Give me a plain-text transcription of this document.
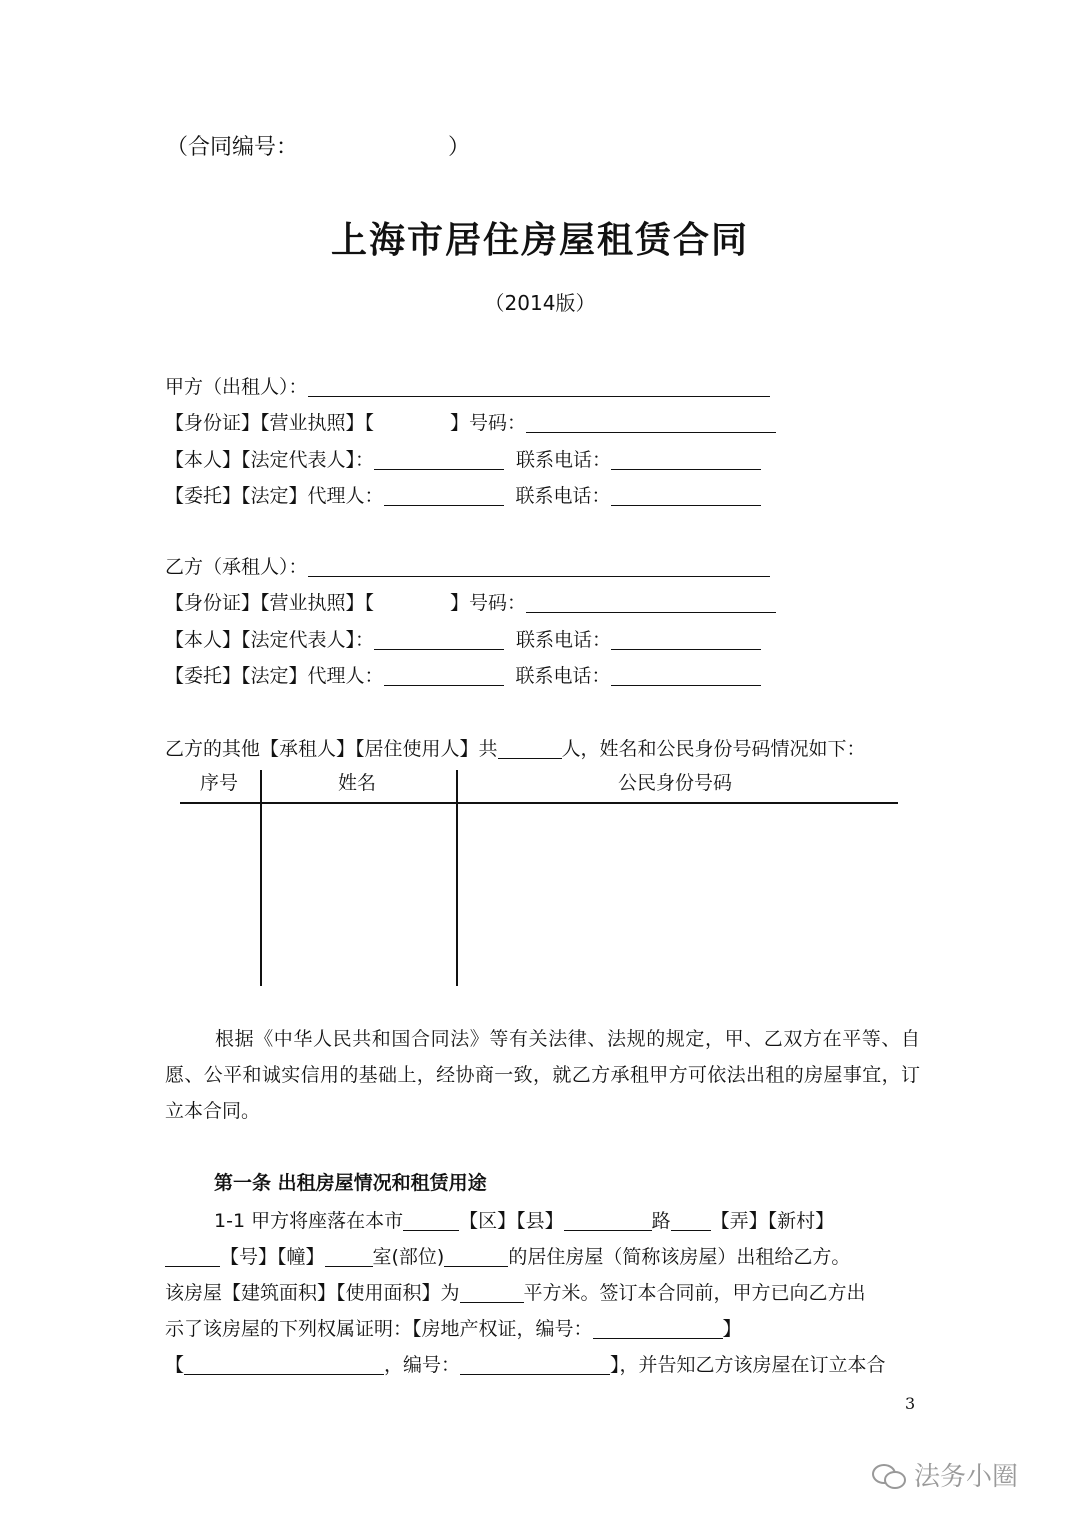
（合同编号：	）
上海市居住房屋租赁合同
（2014版）
甲方（出租人）：
【身份证】【营业执照】【	】号码：
【本人】【法定代表人】：	联系电话：
【委托】【法定】代理人：	联系电话：
乙方（承租人）：
【身份证】【营业执照】【	】号码：
【本人】【法定代表人】：	联系电话：
【委托】【法定】代理人：	联系电话：
乙方的其他【承租人】【居住使用人】共	人，姓名和公民身份号码情况如下：
序号	姓名	公民身份号码
根据《中华人民共和国合同法》等有关法律、法规的规定，甲、乙双方在平等、自愿、公平和诚实信用的基础上，经协商一致，就乙方承租甲方可依法出租的房屋事宜，订立本合同。
第一条 出租房屋情况和租赁用途
1-1 甲方将座落在本市	【区】【县】	路 【弄】【新村】
【号】【幢】	室(部位)	的居住房屋（简称该房屋）出租给乙方。
该房屋【建筑面积】【使用面积】为	平方米。签订本合同前，甲方已向乙方出
示了该房屋的下列权属证明：【房地产权证，编号：	】
【	，编号：	】，并告知乙方该房屋在订立本合
3
法务小圈
